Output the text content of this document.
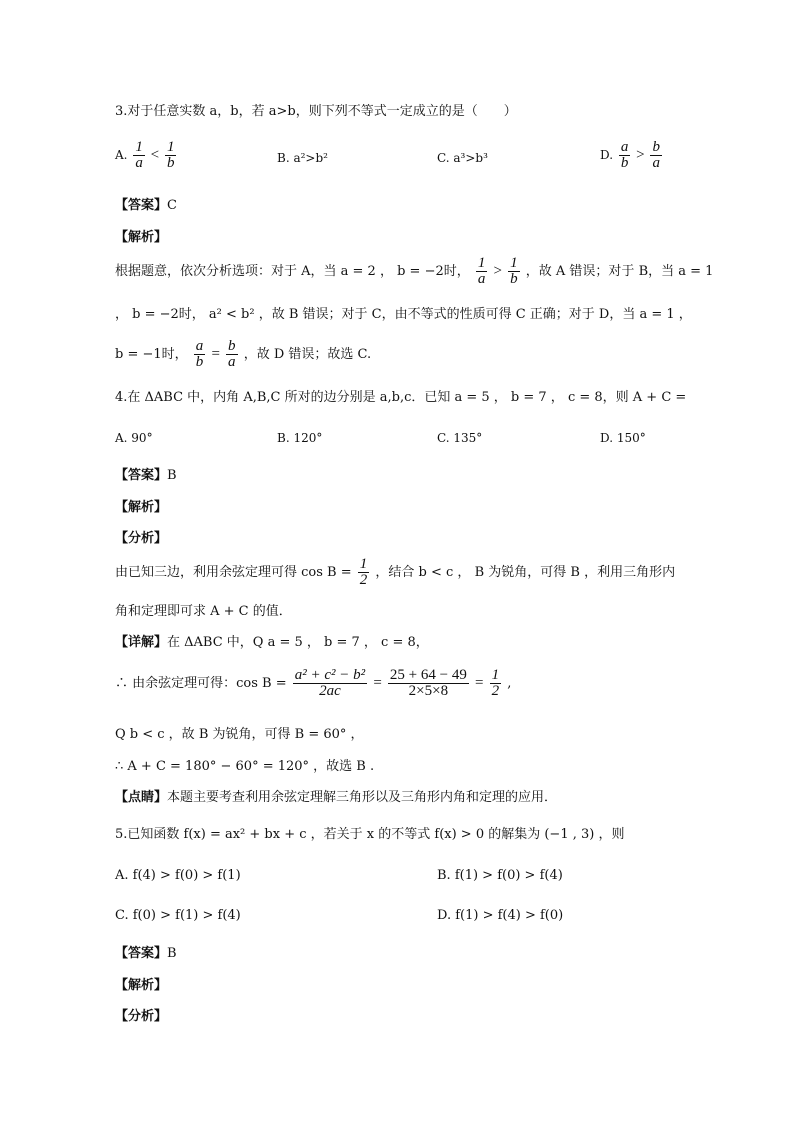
3.对于任意实数 a，b，若 a>b，则下列不等式一定成立的是（　　）
A. $\frac{1}{a} < \frac{1}{b}$	B. a²>b²	C. a³>b³	D. $\frac{a}{b} > \frac{b}{a}$
【答案】C
【解析】
根据题意，依次分析选项：对于 A，当 a = 2 ， b = −2时， $\frac{1}{a} > \frac{1}{b}$ ，故 A 错误；对于 B，当 a = 1
， b = −2时， a² < b² ，故 B 错误；对于 C，由不等式的性质可得 C 正确；对于 D，当 a = 1 ，
b = −1时， $\frac{a}{b} = \frac{b}{a}$ ，故 D 错误；故选 C.
4.在 ΔABC 中，内角 A,B,C 所对的边分别是 a,b,c．已知 a = 5 ， b = 7 ， c = 8，则 A + C =
A. 90°	B. 120°	C. 135°	D. 150°
【答案】B
【解析】
【分析】
由已知三边，利用余弦定理可得 $\cos B = \frac{1}{2}$ ，结合 b < c ， B 为锐角，可得 B ，利用三角形内
角和定理即可求 A + C 的值．
【详解】在 ΔABC 中，Q a = 5 ， b = 7 ， c = 8，
∴ 由余弦定理可得：$\cos B = \frac{\text{a² + c² − b²}}{2ac} = \frac{25 + 64 - 49}{2\times 5\times 8} = \frac{1}{2}$ ,
Q b < c ，故 B 为锐角，可得 B = 60° ，
∴ A + C = 180° − 60° = 120° ，故选 B .
【点睛】本题主要考查利用余弦定理解三角形以及三角形内角和定理的应用．
5.已知函数 f(x) = ax² + bx + c ，若关于 x 的不等式 f(x) > 0 的解集为 (−1 , 3) ，则
A. f(4) > f(0) > f(1)	B. f(1) > f(0) > f(4)
C. f(0) > f(1) > f(4)	D. f(1) > f(4) > f(0)
【答案】B
【解析】
【分析】
